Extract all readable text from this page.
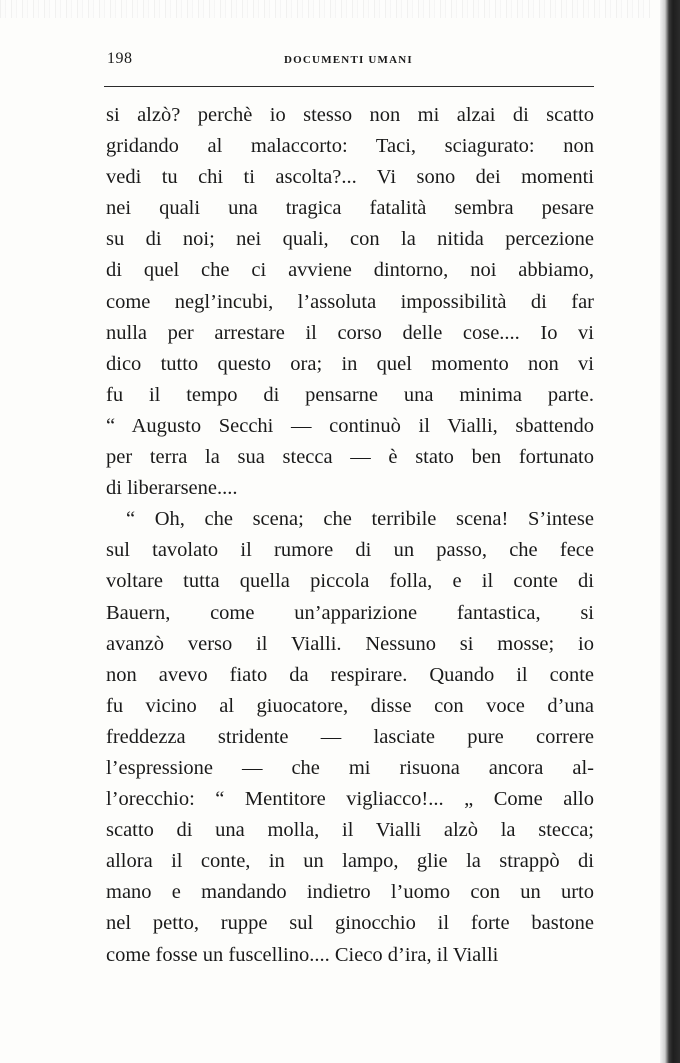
198	DOCUMENTI UMANI
si alzò? perchè io stesso non mi alzai di scatto
gridando al malaccorto: Taci, sciagurato: non
vedi tu chi ti ascolta?... Vi sono dei momenti
nei quali una tragica fatalità sembra pesare
su di noi; nei quali, con la nitida percezione
di quel che ci avviene dintorno, noi abbiamo,
come negl’incubi, l’assoluta impossibilità di far
nulla per arrestare il corso delle cose.... Io vi
dico tutto questo ora; in quel momento non vi
fu il tempo di pensarne una minima parte.
“ Augusto Secchi — continuò il Vialli, sbattendo
per terra la sua stecca — è stato ben fortunato
di liberarsene....
“ Oh, che scena; che terribile scena! S’intese
sul tavolato il rumore di un passo, che fece
voltare tutta quella piccola folla, e il conte di
Bauern, come un’apparizione fantastica, si
avanzò verso il Vialli. Nessuno si mosse; io
non avevo fiato da respirare. Quando il conte
fu vicino al giuocatore, disse con voce d’una
freddezza stridente — lasciate pure correre
l’espressione — che mi risuona ancora al-
l’orecchio: “ Mentitore vigliacco!... „ Come allo
scatto di una molla, il Vialli alzò la stecca;
allora il conte, in un lampo, glie la strappò di
mano e mandando indietro l’uomo con un urto
nel petto, ruppe sul ginocchio il forte bastone
come fosse un fuscellino.... Cieco d’ira, il Vialli
